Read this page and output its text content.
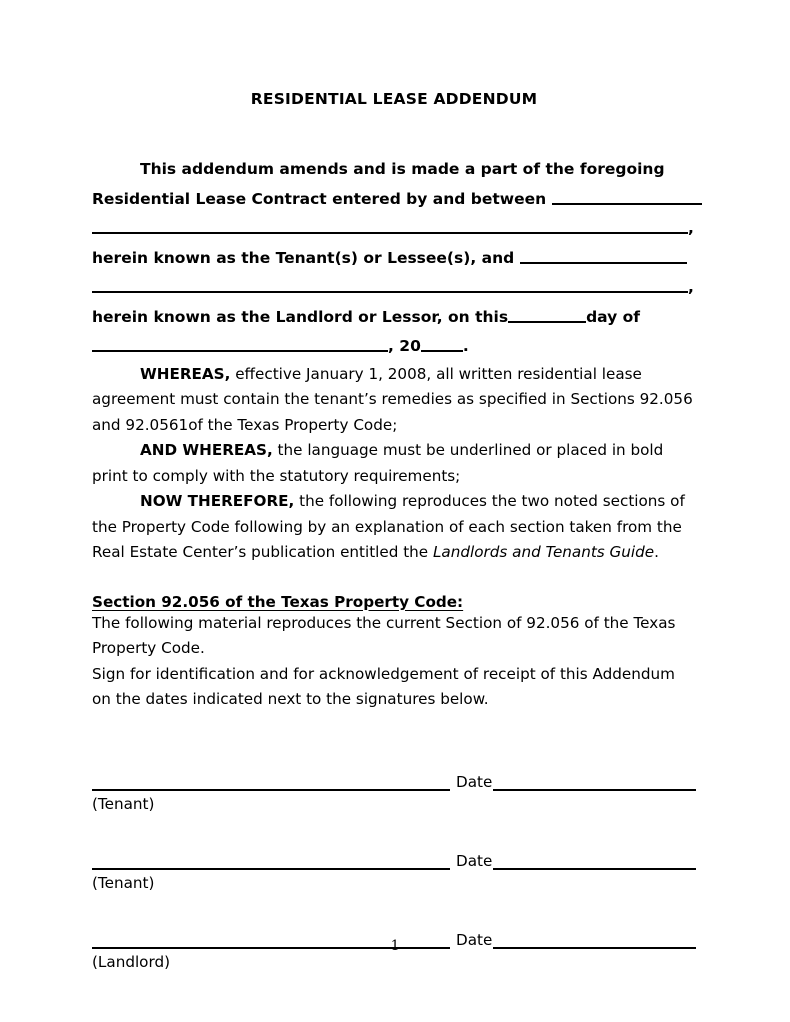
RESIDENTIAL LEASE ADDENDUM
This addendum amends and is made a part of the foregoing
Residential Lease Contract entered by and between
,
herein known as the Tenant(s) or Lessee(s), and
,
herein known as the Landlord or Lessor, on this	day of
, 20	.

WHEREAS, effective January 1, 2008, all written residential lease agreement must contain the tenant’s remedies as specified in Sections 92.056 and 92.0561of the Texas Property Code;

AND WHEREAS, the language must be underlined or placed in bold print to comply with the statutory requirements;

NOW THEREFORE, the following reproduces the two noted sections of the Property Code following by an explanation of each section taken from the Real Estate Center’s publication entitled the Landlords and Tenants Guide.

Section 92.056 of the Texas Property Code:

The following material reproduces the current Section of 92.056 of the Texas Property Code.

Sign for identification and for acknowledgement of receipt of this Addendum on the dates indicated next to the signatures below.

Date
(Tenant)
Date
(Tenant)
Date
(Landlord)
1
